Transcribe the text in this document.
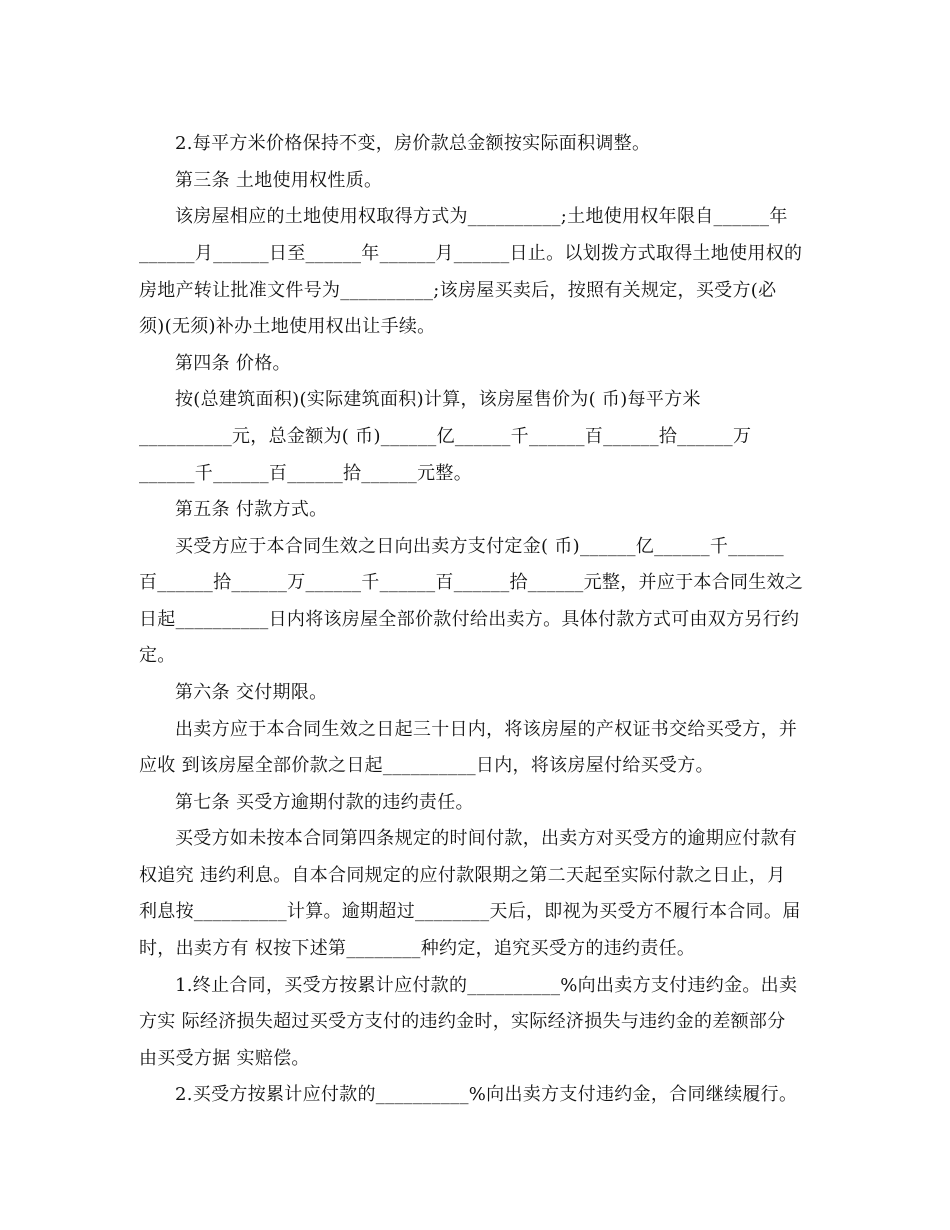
2.每平方米价格保持不变，房价款总金额按实际面积调整。

第三条 土地使用权性质。

该房屋相应的土地使用权取得方式为__________;土地使用权年限自______年

______月______日至______年______月______日止。以划拨方式取得土地使用权的

房地产转让批准文件号为__________;该房屋买卖后，按照有关规定，买受方(必

须)(无须)补办土地使用权出让手续。

第四条 价格。

按(总建筑面积)(实际建筑面积)计算，该房屋售价为( 币)每平方米

__________元，总金额为( 币)______亿______千______百______拾______万

______千______百______拾______元整。

第五条 付款方式。

买受方应于本合同生效之日向出卖方支付定金( 币)______亿______千______

百______拾______万______千______百______拾______元整，并应于本合同生效之

日起__________日内将该房屋全部价款付给出卖方。具体付款方式可由双方另行约

定。

第六条 交付期限。

出卖方应于本合同生效之日起三十日内，将该房屋的产权证书交给买受方，并

应收 到该房屋全部价款之日起__________日内，将该房屋付给买受方。

第七条 买受方逾期付款的违约责任。

买受方如未按本合同第四条规定的时间付款，出卖方对买受方的逾期应付款有

权追究 违约利息。自本合同规定的应付款限期之第二天起至实际付款之日止，月

利息按__________计算。逾期超过________天后，即视为买受方不履行本合同。届

时，出卖方有 权按下述第________种约定，追究买受方的违约责任。

1.终止合同，买受方按累计应付款的__________%向出卖方支付违约金。出卖

方实 际经济损失超过买受方支付的违约金时，实际经济损失与违约金的差额部分

由买受方据 实赔偿。

2.买受方按累计应付款的__________%向出卖方支付违约金，合同继续履行。
